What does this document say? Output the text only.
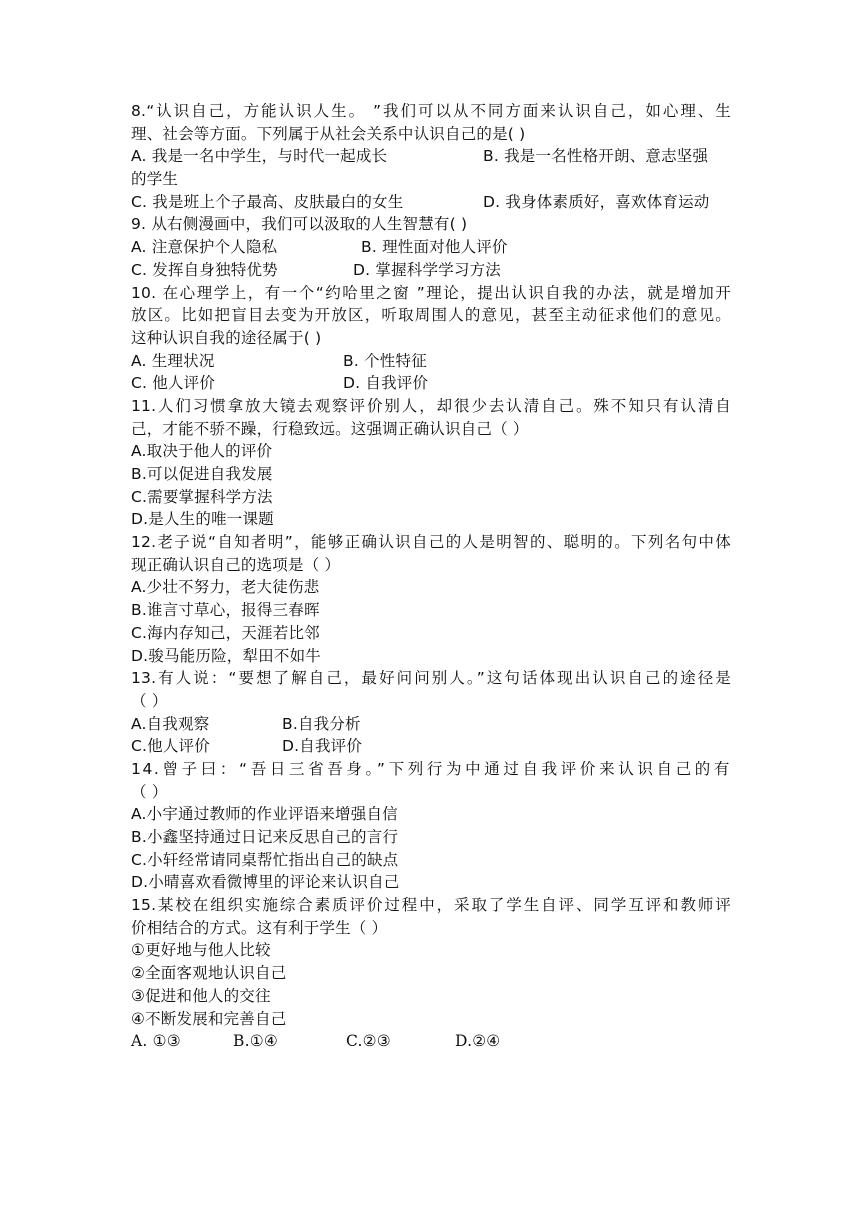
8.“认识自己，方能认识人生。 ”我们可以从不同方面来认识自己，如心理、生
理、社会等方面。下列属于从社会关系中认识自己的是( )
A. 我是一名中学生，与时代一起成长	B. 我是一名性格开朗、意志坚强
的学生
C. 我是班上个子最高、皮肤最白的女生	D. 我身体素质好，喜欢体育运动
9. 从右侧漫画中，我们可以汲取的人生智慧有( )
A. 注意保护个人隐私	B. 理性面对他人评价
C. 发挥自身独特优势	D. 掌握科学学习方法
10. 在心理学上，有一个“约哈里之窗 ”理论，提出认识自我的办法，就是增加开
放区。比如把盲目去变为开放区，听取周围人的意见，甚至主动征求他们的意见。
这种认识自我的途径属于( )
A. 生理状况	B. 个性特征
C. 他人评价	D. 自我评价
11.人们习惯拿放大镜去观察评价别人，却很少去认清自己。殊不知只有认清自
己，才能不骄不躁，行稳致远。这强调正确认识自己（ ）
A.取决于他人的评价
B.可以促进自我发展
C.需要掌握科学方法
D.是人生的唯一课题
12.老子说“自知者明”，能够正确认识自己的人是明智的、聪明的。下列名句中体
现正确认识自己的选项是（ ）
A.少壮不努力，老大徒伤悲
B.谁言寸草心，报得三春晖
C.海内存知己，天涯若比邻
D.骏马能历险，犁田不如牛
13.有人说：“要想了解自己，最好问问别人。”这句话体现出认识自己的途径是
（ ）
A.自我观察	B.自我分析
C.他人评价	D.自我评价
14.曾子曰：“吾日三省吾身。”下列行为中通过自我评价来认识自己的有
（ ）
A.小宇通过教师的作业评语来增强自信
B.小鑫坚持通过日记来反思自己的言行
C.小轩经常请同桌帮忙指出自己的缺点
D.小晴喜欢看微博里的评论来认识自己
15.某校在组织实施综合素质评价过程中，采取了学生自评、同学互评和教师评
价相结合的方式。这有利于学生（ ）
①更好地与他人比较
②全面客观地认识自己
③促进和他人的交往
④不断发展和完善自己
A. ①③	B.①④	C.②③	D.②④
